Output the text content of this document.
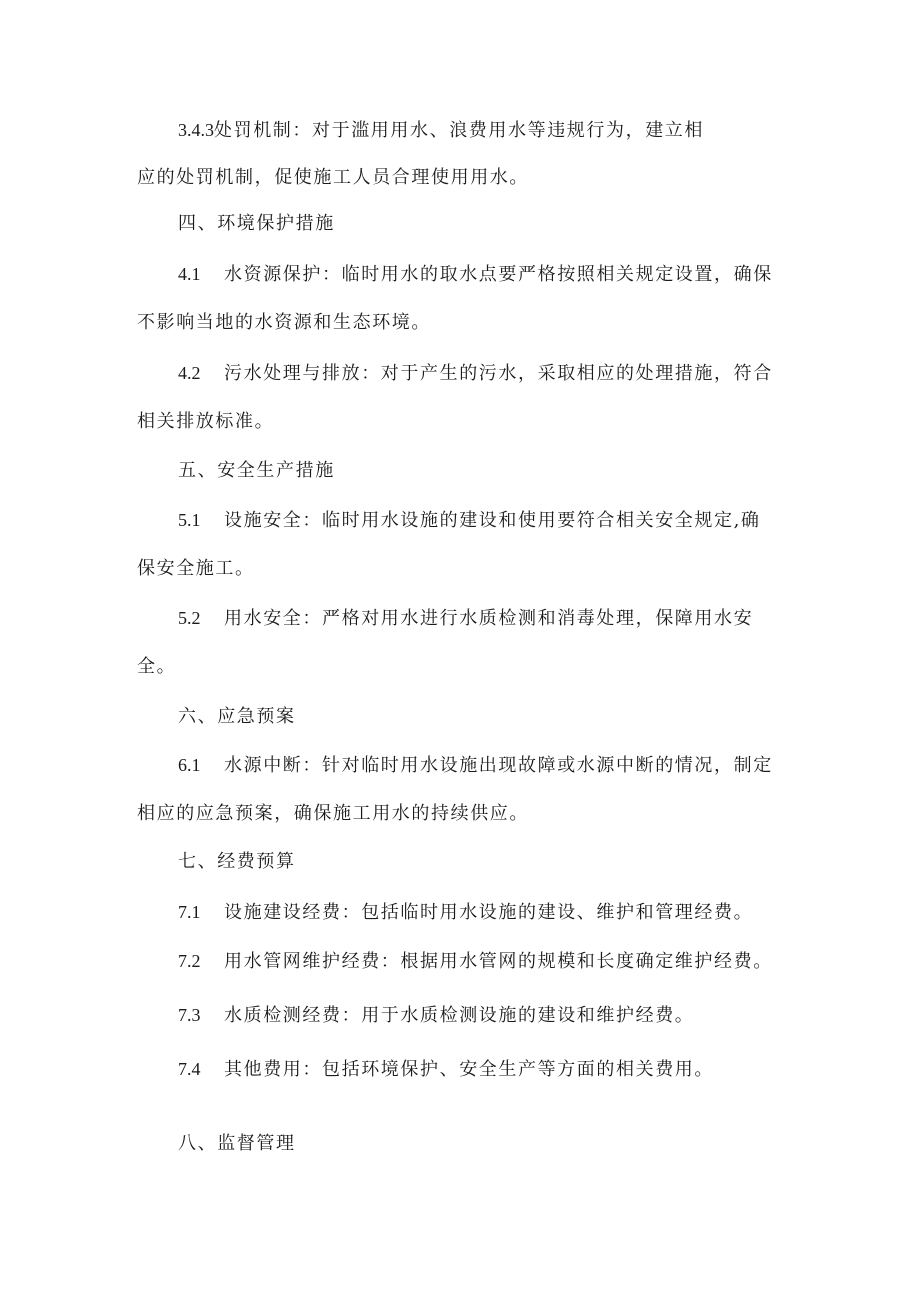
3.4.3处罚机制：对于滥用用水、浪费用水等违规行为，建立相

应的处罚机制，促使施工人员合理使用用水。

四、环境保护措施

4.1 水资源保护：临时用水的取水点要严格按照相关规定设置，确保

不影响当地的水资源和生态环境。

4.2 污水处理与排放：对于产生的污水，采取相应的处理措施，符合

相关排放标准。

五、安全生产措施

5.1 设施安全：临时用水设施的建设和使用要符合相关安全规定,确

保安全施工。

5.2 用水安全：严格对用水进行水质检测和消毒处理，保障用水安

全。

六、应急预案

6.1 水源中断：针对临时用水设施出现故障或水源中断的情况，制定

相应的应急预案，确保施工用水的持续供应。

七、经费预算

7.1 设施建设经费：包括临时用水设施的建设、维护和管理经费。

7.2 用水管网维护经费：根据用水管网的规模和长度确定维护经费。

7.3 水质检测经费：用于水质检测设施的建设和维护经费。

7.4 其他费用：包括环境保护、安全生产等方面的相关费用。

八、监督管理
